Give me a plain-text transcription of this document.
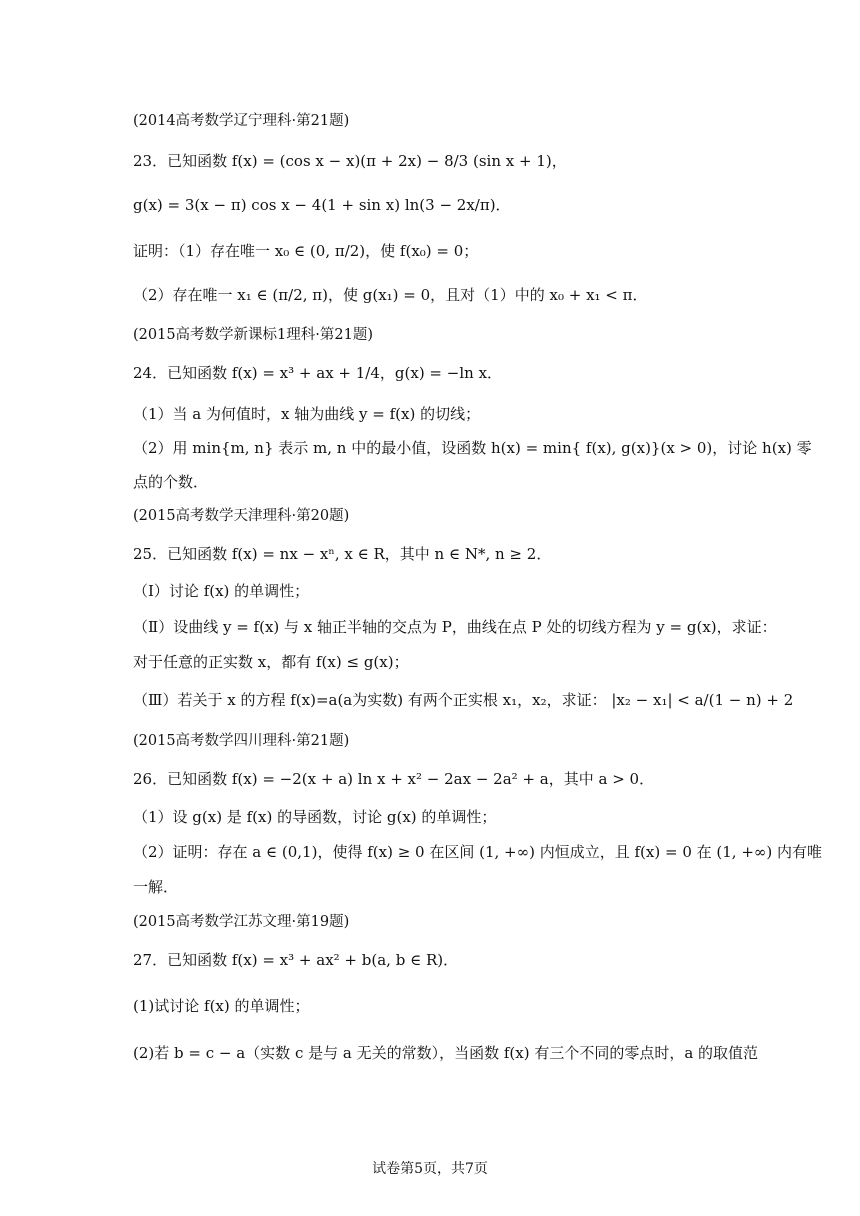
(2014高考数学辽宁理科·第21题)
23．已知函数 f(x) = (cos x − x)(π + 2x) − 8/3 (sin x + 1)，
g(x) = 3(x − π) cos x − 4(1 + sin x) ln(3 − 2x/π)．
证明：（1）存在唯一 x₀ ∈ (0, π/2)，使 f(x₀) = 0；
（2）存在唯一 x₁ ∈ (π/2, π)，使 g(x₁) = 0，且对（1）中的 x₀ + x₁ < π．
(2015高考数学新课标1理科·第21题)
24．已知函数 f(x) = x³ + ax + 1/4，g(x) = −ln x．
（1）当 a 为何值时，x 轴为曲线 y = f(x) 的切线；
（2）用 min{m, n} 表示 m, n 中的最小值，设函数 h(x) = min{ f(x), g(x)}(x > 0)，讨论 h(x) 零
点的个数．
(2015高考数学天津理科·第20题)
25．已知函数 f(x) = nx − xⁿ, x ∈ R，其中 n ∈ N*, n ≥ 2．
（Ⅰ）讨论 f(x) 的单调性；
（Ⅱ）设曲线 y = f(x) 与 x 轴正半轴的交点为 P，曲线在点 P 处的切线方程为 y = g(x)，求证：
对于任意的正实数 x，都有 f(x) ≤ g(x)；
（Ⅲ）若关于 x 的方程 f(x)=a(a为实数) 有两个正实根 x₁，x₂，求证： |x₂ − x₁| < a/(1 − n) + 2
(2015高考数学四川理科·第21题)
26．已知函数 f(x) = −2(x + a) ln x + x² − 2ax − 2a² + a，其中 a > 0．
（1）设 g(x) 是 f(x) 的导函数，讨论 g(x) 的单调性；
（2）证明：存在 a ∈ (0,1)，使得 f(x) ≥ 0 在区间 (1, +∞) 内恒成立，且 f(x) = 0 在 (1, +∞) 内有唯
一解．
(2015高考数学江苏文理·第19题)
27．已知函数 f(x) = x³ + ax² + b(a, b ∈ R)．
(1)试讨论 f(x) 的单调性；
(2)若 b = c − a（实数 c 是与 a 无关的常数），当函数 f(x) 有三个不同的零点时，a 的取值范
试卷第5页，共7页
